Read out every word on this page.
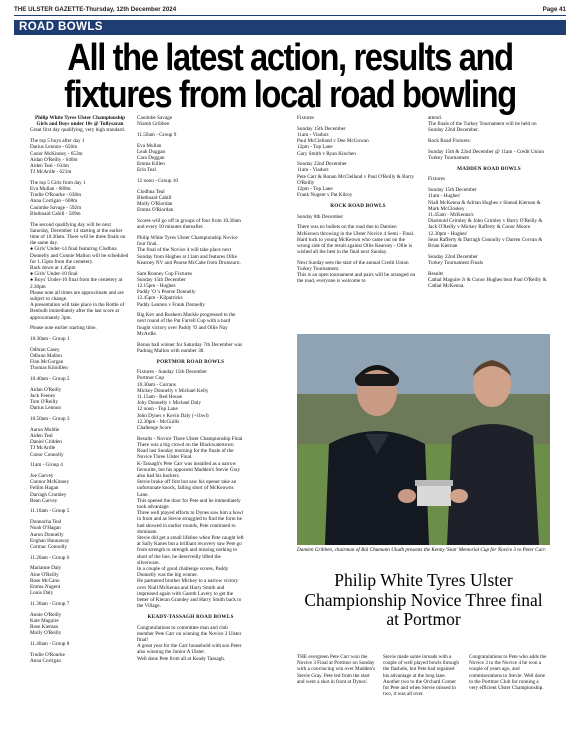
THE ULSTER GAZETTE-Thursday, 12th December 2024	Page 41
ROAD BOWLS
All the latest action, results and fixtures from local road bowling

Philip White Tyres Ulster Championship Girls and Boys under 10s @ Tullysaran

Great first day qualifying, very high standard.

The top 5 boys after day 1

Darius Lennon - 656m

Conor McKinney - 653m

Aidan O'Reilly - 640m

Aiden Teal - 634m

TJ McArdle - 621m

The top 5 Girls from day 1

Eva Mullan - 680m

Trudie O'Rourke - 638m

Anna Corrigan - 608m

Caoimhe Savage - 592m

Bluthnaid Cahill - 589m

The second qualifying day will be next Saturday, December 14 starting at the earlier time of 10.30am. There will be three finals on the same day.

● Girls' Under-14 final featuring Clodhna Donnelly and Connie Mallon will be scheduled for 1.15pm from the cemetery.

Back down at 1.45pm

● Girls' Under-10 final

● Boys' Under-10 final from the cemetery at 2.30pm

Please note all times are approximate and are subject to change.

A presentation will take place in the Bottle of Benbulb immediately after the last score at approximately 3pm.

Please note earlier starting time.

10.30am - Group 1

Odhran Casey

Odhran Mallon

Finn McGorgan

Thomas Kiloilllen

10.40am - Group 2

Aidan O'Reilly

Jack Feeney

Tom O'Reilly

Darius Lennon

10.50am - Group 3

Aaron Muldie

Aiden Teal

Daniel Cridden

TJ McArdle

Conor Connolly

11am - Group 4

Joe Garvey

Connor McKinney

Fellim Hagan

Darragh Crumley

Bean Garvey

11.10am - Group 5

Donnacha Teal

Noah O'Hagan

Aaron Donnelly

Eoghan Hannaway

Cormac Connolly

11.20am - Group 6

Marianne Daly

Aine O'Reilly

Rose McCann

Emma Nugent

Louis Daly

11.30am - Group 7

Annie O'Reilly

Kate Maguire

Rose Kieman

Molly O'Reilly

11.40am - Group 8

Trudie O'Rourke

Anna Corrigan

Caoimhe Savage

Niamh Gribben

11.50am - Group 9

Eva Mullan

Leah Duggan

Cara Duggan

Emma Killen

Erin Teal

12 noon - Group 10

Clodhna Teal

Bluthnaid Cahill

Molly O'Riordan

Emma O'Riordan

Scores will go off in groups of four from 10.30am and every 10 minutes thereafter.

Philip White Tyres Ulster Championship Novice four final.

The final of the Novice 4 will take place next Sunday from Hughes at 11am and features Ollie Kearney NV and Pearse McCabe from Drumsurn.

Sam Rooney Cup Fixtures

Sunday 15th December

12.15pm - Hughes

Paddy 'O 's Pearse Donnelly

12.45pm - Kilpatricks

Paddy Lennon v Frank Donnelly

Big Kev and Roshern Mackle progressed to the next round of the Pat Farrell Cup with a hard fought victory over Paddy 'O and Ollie Nay McArdle.

Bonus ball winner for Saturday 7th December was Padraig Mallon with number 38.

PORTMOR ROAD BOWLS

Fixtures - Sunday 15th December

Portmor Cup

10.30am - Currans

Mickey Donnelly v Michael Kelly

11.15am - Red House

Joby Donnelly v Michael Daly

12 noon - Top Lane

John Dynes v Kevin Daly (+1bwl)

12.30pm - McGuills

Challenge Score

Results - Novice Three Ulster Championship Final

There was a big crowd on the Blackwatertown Road last Sunday morning for the finale of the Novice Three Ulster Final.

K-Tassagh's Pete Carr was installed as a narrow favourite, but his opponent Madden's Stevie Gray also had his backers.

Stevie broke off first but saw his opener take an unfortunate knock, falling short of McKeowns Lane.

This opened the door for Pete and he immediately took advantage.

Three well played efforts to Dynes saw him a bowl in front and as Stevie struggled to find the form he had showed in earlier rounds, Pete continued to dominate.

Stevie did get a small lifeline when Pete caught left at Sally Kanes but a brilliant recovery saw Pete go from strength to strength and missing nothing to short of the line, he deservedly lifted the silverware.

In a couple of good challenge scores, Paddy Donnelly was the big winner.

He partnered brother Mickey to a narrow victory over Niall McKenna and Harry Smith and impressed again with Gareth Lavery to get the better of Kieran Grandey and Harry Smith back to the Village.

KEADY-TASSAGH ROAD BOWLS

Congratulations to committee man and club member Pete Carr on winning the Novice 3 Ulster final!

A great year for the Carr household with son Peter also winning the Junior A Ulster.

Well done Pete from all at Keady Tassagh.

Fixtures

Sunday 15th December

11am - Viaduct

Paul McClelland v Dee McGowan

12pm - Top Lane

Gary Smith v Ryan Kinchen

Sunday 22nd December

11am - Viaduct

Pete Carr & Ronan McClelland v Paul O'Reilly & Barry O'Reilly

12pm - Top Lane

Frank Nugent v Pat Kilroy

ROCK ROAD BOWLS

Sunday 8th December

There was no bullets on the road due to Damien McKeown throwing in the Ulster Novice 4 Semi - Final.

Hard luck to young McKeown who came out on the wrong side of the result against Ollie Kearney - Ollie is wished all the best in the final next Sunday.

Next Sunday sees the start of the annual Credit Union Turkey Tournament.

This is an open tournament and pairs will be arranged on the road, everyone is welcome to

attend.

The finals of the Turkey Tournament will be held on Sunday 22nd December.

Rock Road Fixtures:

Sunday 15th & 22nd December @ 11am - Credit Union Turkey Tournament

MADDEN ROAD BOWLS

Fixtures

Sunday 15th December

11am - Hughes'

Niall McKenna & Adrian Hughes v Sinead Kiernan & Mark McCloskey

11.45am - McKenna's

Diarmuid Grimley & John Grimley v Barry O'Reilly & Jack O'Reilly v Mickey Rafferty & Conor Moore

12.30pm - Hughes'

Sean Rafferty & Darragh Connolly v Darren Corvan & Brian Kiernan

Sunday 22nd December

Turkey Tournament Finals

Results

Cathal Maguire Jr & Conor Hughes beat Paul O'Reilly & Cathal McKenna.

Damien Gribben, chairman of Ból Chumann Uladh presents the Kenny 'Stan' Memorial Cup for Novice 3 to Peter Carr.
Philip White Tyres Ulster Championship Novice Three final at Portmor
THE evergreen Pete Carr won the Novice 3 Final at Portmor on Sunday with a convincing win over Madden's Stevie Gray. Pete led from the start and went a shot in front at Dynes'.
Stevie made some inroads with a couple of well played bowls through the flashole, but Pete had regained his advantage at the long lane. Another two to the Orchard Corner for Pete and when Stevie missed in two, it was all over.
Congratulations to Pete who adds the Novice 3 to the Novice 4 he won a couple of years ago, and commiserations to Stevie. Well done to the Portmor Club for running a very efficient Ulster Championship.
